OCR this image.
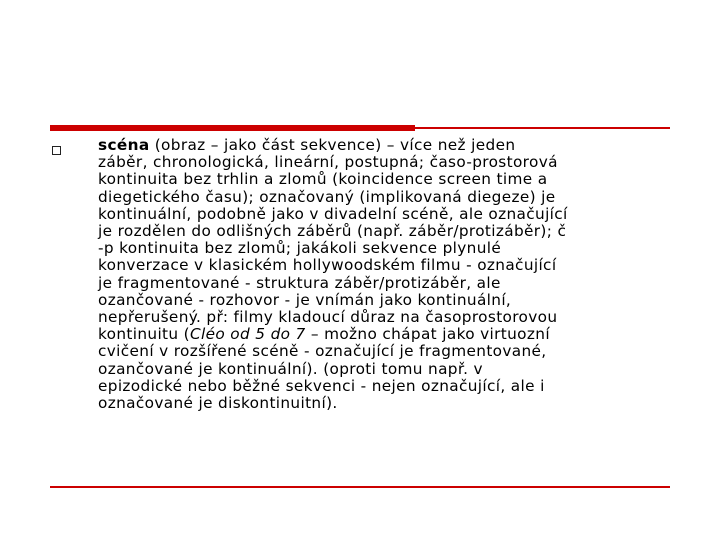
scéna (obraz – jako část sekvence) – více než jeden
záběr, chronologická, lineární, postupná; časo-prostorová
kontinuita bez trhlin a zlomů (koincidence screen time a
diegetického času); označovaný (implikovaná diegeze) je
kontinuální, podobně jako v divadelní scéně, ale označující
je rozdělen do odlišných záběrů (např. záběr/protizáběr); č
-p kontinuita bez zlomů; jakákoli sekvence plynulé
konverzace v klasickém hollywoodském filmu - označující
je fragmentované - struktura záběr/protizáběr, ale
ozančované - rozhovor - je vnímán jako kontinuální,
nepřerušený. př: filmy kladoucí důraz na časoprostorovou
kontinuitu (Cléo od 5 do 7 – možno chápat jako virtuozní
cvičení v rozšířené scéně - označující je fragmentované,
ozančované je kontinuální). (oproti tomu např. v
epizodické nebo běžné sekvenci - nejen označující, ale i
označované je diskontinuitní).
